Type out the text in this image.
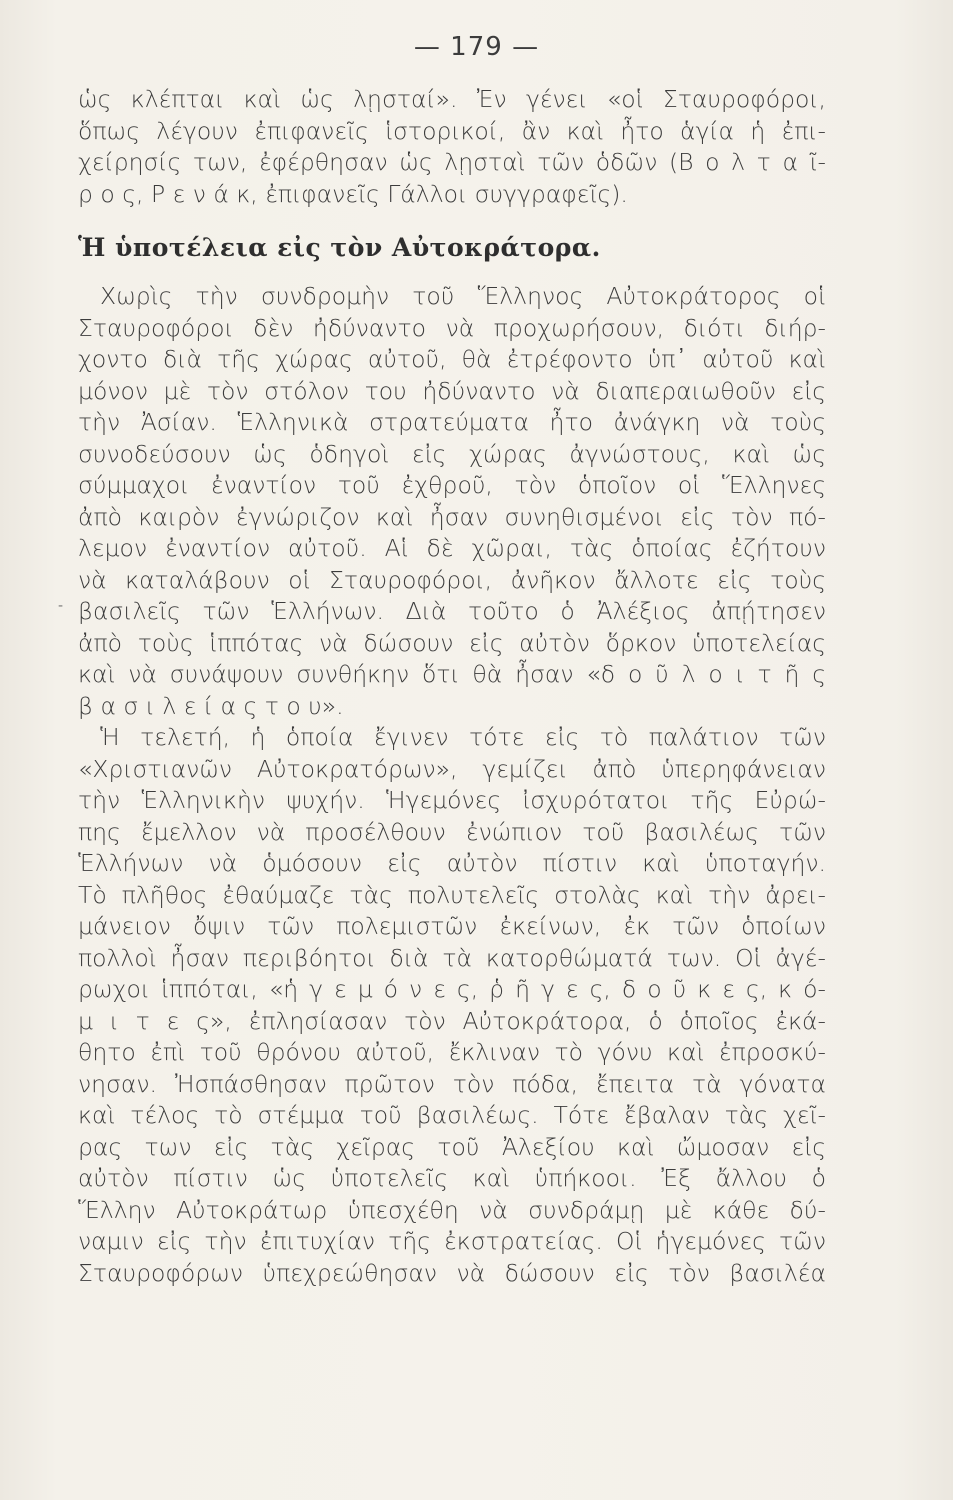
— 179 —
ὡς κλέπται καὶ ὡς λῃσταί». Ἐν γένει «οἱ Σταυροφόροι,
ὅπως λέγουν ἐπιφανεῖς ἱστορικοί, ἂν καὶ ἦτο ἁγία ἡ ἐπι-
χείρησίς των, ἐφέρθησαν ὡς λῃσταὶ τῶν ὁδῶν (Β ο λ τ α ῖ-
ρ ο ς, Ρ ε ν ά κ, ἐπιφανεῖς Γάλλοι συγγραφεῖς).
Ἡ ὑποτέλεια εἰς τὸν Αὐτοκράτορα.
-
Χωρὶς τὴν συνδρομὴν τοῦ Ἕλληνος Αὐτοκράτορος οἱ
Σταυροφόροι δὲν ἠδύναντο νὰ προχωρήσουν, διότι διήρ-
χοντο διὰ τῆς χώρας αὐτοῦ, θὰ ἐτρέφοντο ὑπ᾽ αὐτοῦ καὶ
μόνον μὲ τὸν στόλον του ἠδύναντο νὰ διαπεραιωθοῦν εἰς
τὴν Ἀσίαν. Ἑλληνικὰ στρατεύματα ἦτο ἀνάγκη νὰ τοὺς
συνοδεύσουν ὡς ὁδηγοὶ εἰς χώρας ἀγνώστους, καὶ ὡς
σύμμαχοι ἐναντίον τοῦ ἐχθροῦ, τὸν ὁποῖον οἱ Ἕλληνες
ἀπὸ καιρὸν ἐγνώριζον καὶ ἦσαν συνηθισμένοι εἰς τὸν πό-
λεμον ἐναντίον αὐτοῦ. Αἱ δὲ χῶραι, τὰς ὁποίας ἐζήτουν
νὰ καταλάβουν οἱ Σταυροφόροι, ἀνῆκον ἄλλοτε εἰς τοὺς
βασιλεῖς τῶν Ἑλλήνων. Διὰ τοῦτο ὁ Ἀλέξιος ἀπῄτησεν
ἀπὸ τοὺς ἱππότας νὰ δώσουν εἰς αὐτὸν ὅρκον ὑποτελείας
καὶ νὰ συνάψουν συνθήκην ὅτι θὰ ἦσαν «δ ο ῦ λ ο ι τ ῆ ς
β α σ ι λ ε ί α ς τ ο υ».
Ἡ τελετή, ἡ ὁποία ἔγινεν τότε εἰς τὸ παλάτιον τῶν
«Χριστιανῶν Αὐτοκρατόρων», γεμίζει ἀπὸ ὑπερηφάνειαν
τὴν Ἑλληνικὴν ψυχήν. Ἡγεμόνες ἰσχυρότατοι τῆς Εὐρώ-
πης ἔμελλον νὰ προσέλθουν ἐνώπιον τοῦ βασιλέως τῶν
Ἑλλήνων νὰ ὁμόσουν εἰς αὐτὸν πίστιν καὶ ὑποταγήν.
Τὸ πλῆθος ἐθαύμαζε τὰς πολυτελεῖς στολὰς καὶ τὴν ἀρει-
μάνειον ὄψιν τῶν πολεμιστῶν ἐκείνων, ἐκ τῶν ὁποίων
πολλοὶ ἦσαν περιβόητοι διὰ τὰ κατορθώματά των. Οἱ ἀγέ-
ρωχοι ἱππόται, «ἡ γ ε μ ό ν ε ς, ῥ ῆ γ ε ς, δ ο ῦ κ ε ς, κ ό-
μ ι τ ε ς», ἐπλησίασαν τὸν Αὐτοκράτορα, ὁ ὁποῖος ἐκά-
θητο ἐπὶ τοῦ θρόνου αὐτοῦ, ἔκλιναν τὸ γόνυ καὶ ἐπροσκύ-
νησαν. Ἠσπάσθησαν πρῶτον τὸν πόδα, ἔπειτα τὰ γόνατα
καὶ τέλος τὸ στέμμα τοῦ βασιλέως. Τότε ἔβαλαν τὰς χεῖ-
ρας των εἰς τὰς χεῖρας τοῦ Ἀλεξίου καὶ ὤμοσαν εἰς
αὐτὸν πίστιν ὡς ὑποτελεῖς καὶ ὑπήκοοι. Ἐξ ἄλλου ὁ
Ἕλλην Αὐτοκράτωρ ὑπεσχέθη νὰ συνδράμῃ μὲ κάθε δύ-
ναμιν εἰς τὴν ἐπιτυχίαν τῆς ἐκστρατείας. Οἱ ἡγεμόνες τῶν
Σταυροφόρων ὑπεχρεώθησαν νὰ δώσουν εἰς τὸν βασιλέα
